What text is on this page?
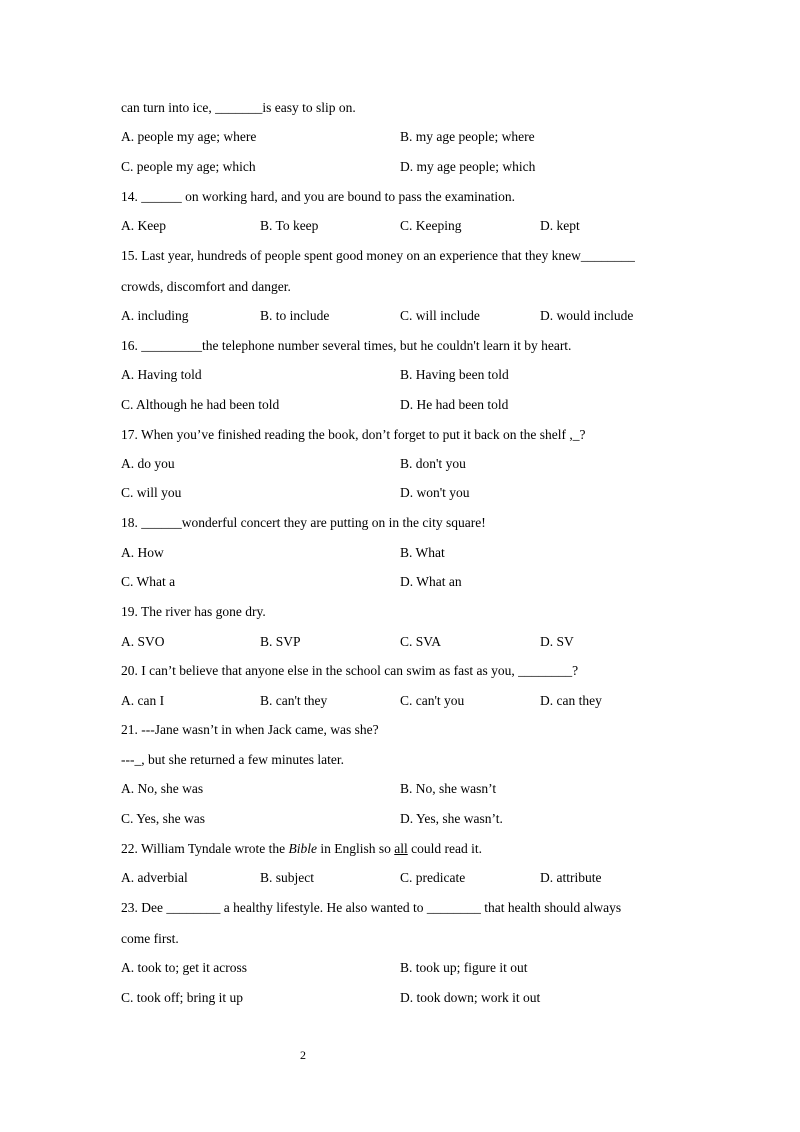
can turn into ice, _______is easy to slip on.
A. people my age; where	B. my age people; where
C. people my age; which	D. my age people; which
14. ______ on working hard, and you are bound to pass the examination.
A. Keep	B. To keep	C. Keeping	D. kept
15. Last year, hundreds of people spent good money on an experience that they knew________
crowds, discomfort and danger.
A. including	B. to include	C. will include	D. would include
16. _________the telephone number several times, but he couldn't learn it by heart.
A. Having told	B. Having been told
C. Although he had been told	D. He had been told
17. When you’ve finished reading the book, don’t forget to put it back on the shelf ,_?
A. do you	B. don't you
C. will you	D. won't you
18. ______wonderful concert they are putting on in the city square!
A. How	B. What
C. What a	D. What an
19. The river has gone dry.
A. SVO	B. SVP	C. SVA	D. SV
20. I can’t believe that anyone else in the school can swim as fast as you, ________?
A. can I	B. can't they	C. can't you	D. can they
21. ---Jane wasn’t in when Jack came, was she?
---_, but she returned a few minutes later.
A. No, she was	B. No, she wasn’t
C. Yes, she was	D. Yes, she wasn’t.
22. William Tyndale wrote the Bible in English so all could read it.
A. adverbial	B. subject	C. predicate	D. attribute
23. Dee ________ a healthy lifestyle. He also wanted to ________ that health should always
come first.
A. took to; get it across	B. took up; figure it out
C. took off; bring it up	D. took down; work it out
2
